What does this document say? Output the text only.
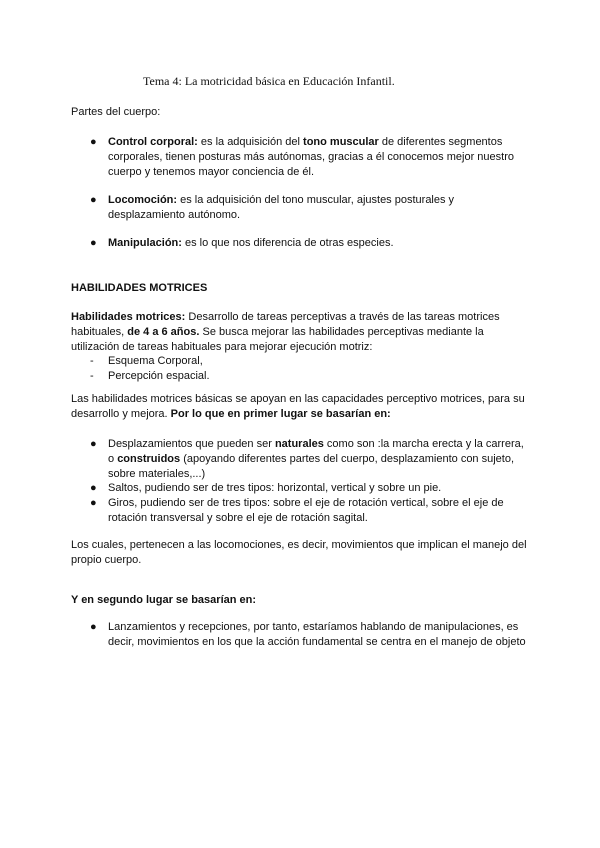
Tema 4: La motricidad básica en Educación Infantil.
Partes del cuerpo:
● Control corporal: es la adquisición del tono muscular de diferentes segmentos corporales, tienen posturas más autónomas, gracias a él conocemos mejor nuestro cuerpo y tenemos mayor conciencia de él.

● Locomoción: es la adquisición del tono muscular, ajustes posturales y desplazamiento autónomo.

● Manipulación: es lo que nos diferencia de otras especies.

HABILIDADES MOTRICES

Habilidades motrices: Desarrollo de tareas perceptivas a través de las tareas motrices habituales, de 4 a 6 años. Se busca mejorar las habilidades perceptivas mediante la utilización de tareas habituales para mejorar ejecución motriz:

- Esquema Corporal,
- Percepción espacial.

Las habilidades motrices básicas se apoyan en las capacidades perceptivo motrices, para su desarrollo y mejora. Por lo que en primer lugar se basarían en:

● Desplazamientos que pueden ser naturales como son :la marcha erecta y la carrera, o construidos (apoyando diferentes partes del cuerpo, desplazamiento con sujeto, sobre materiales,...)

● Saltos, pudiendo ser de tres tipos: horizontal, vertical y sobre un pie.

● Giros, pudiendo ser de tres tipos: sobre el eje de rotación vertical, sobre el eje de rotación transversal y sobre el eje de rotación sagital.

Los cuales, pertenecen a las locomociones, es decir, movimientos que implican el manejo del propio cuerpo.

Y en segundo lugar se basarían en:
● Lanzamientos y recepciones, por tanto, estaríamos hablando de manipulaciones, es decir, movimientos en los que la acción fundamental se centra en el manejo de objeto
